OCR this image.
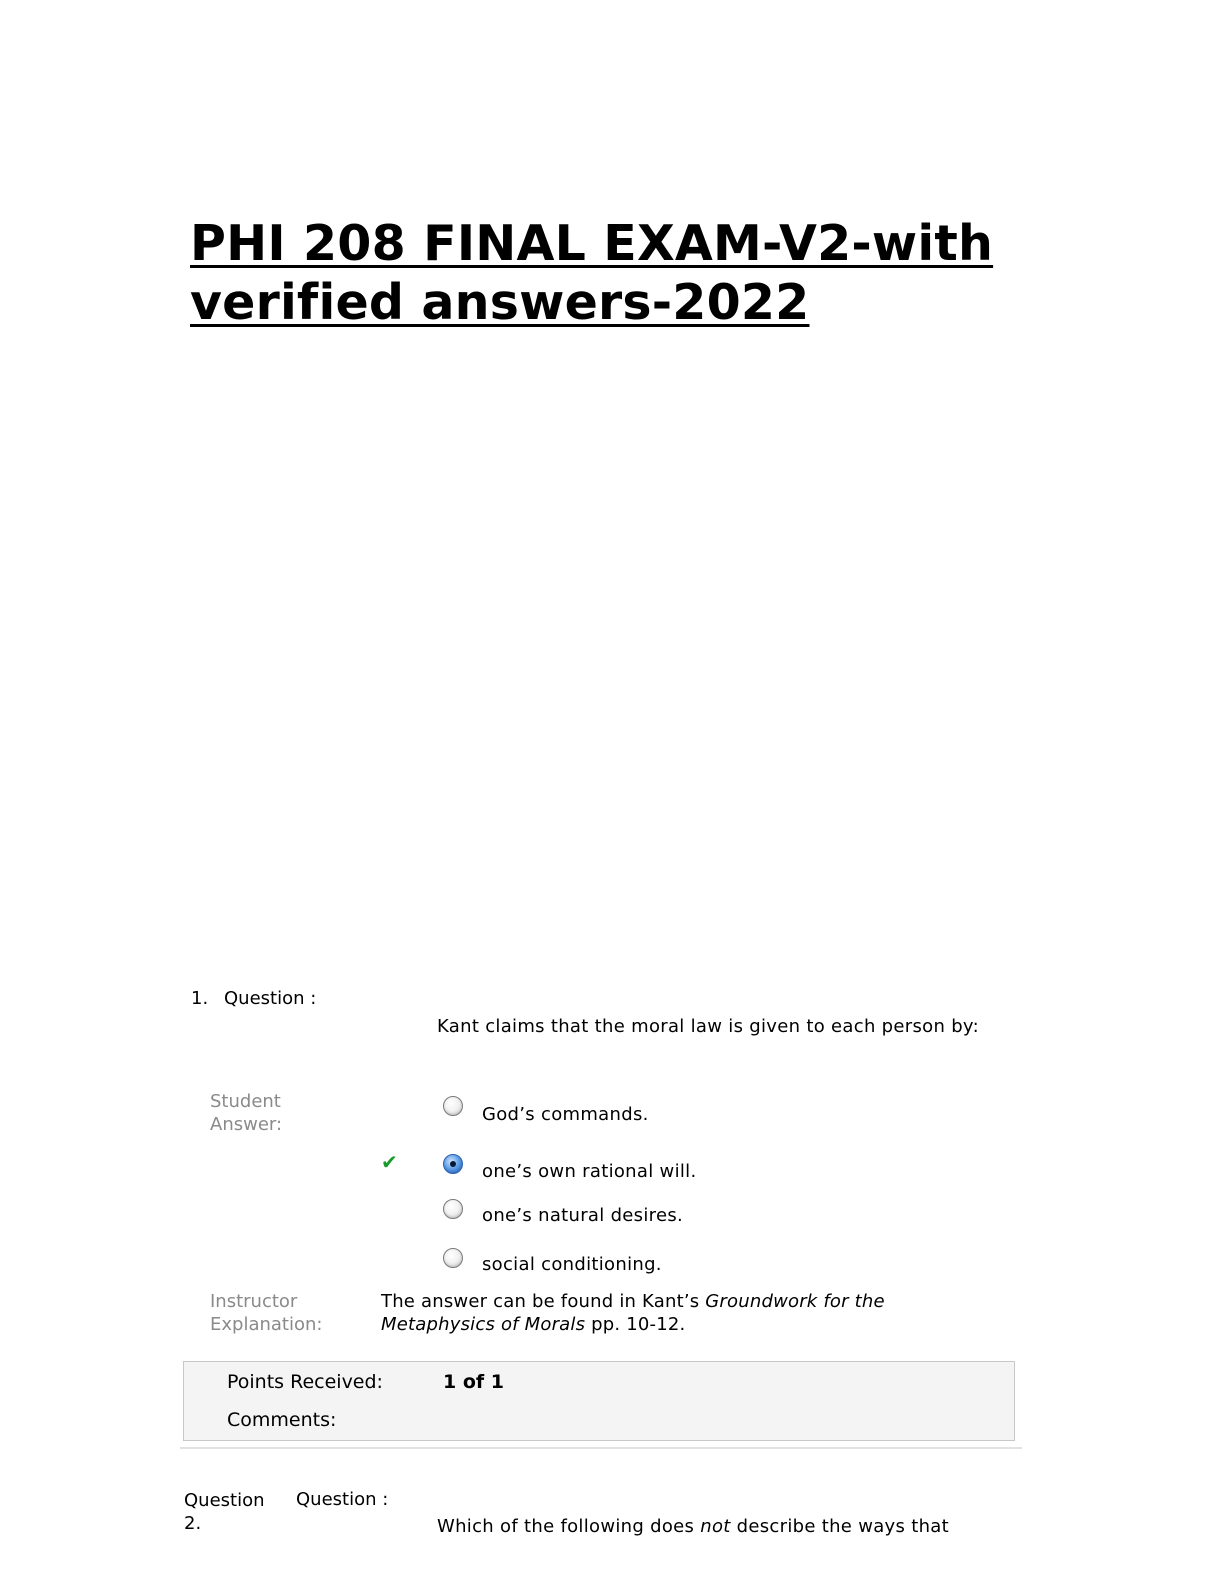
PHI 208 FINAL EXAM-V2-with
verified answers-2022
1. Question :
Kant claims that the moral law is given to each person by:
Student
Answer:	God’s commands.
✔	one’s own rational will.
one’s natural desires.
social conditioning.
Instructor
Explanation:
The answer can be found in Kant’s Groundwork for the Metaphysics of Morals pp. 10-12.
Points Received:	1 of 1
Comments:
Question
2.
Question :
Which of the following does not describe the ways that
